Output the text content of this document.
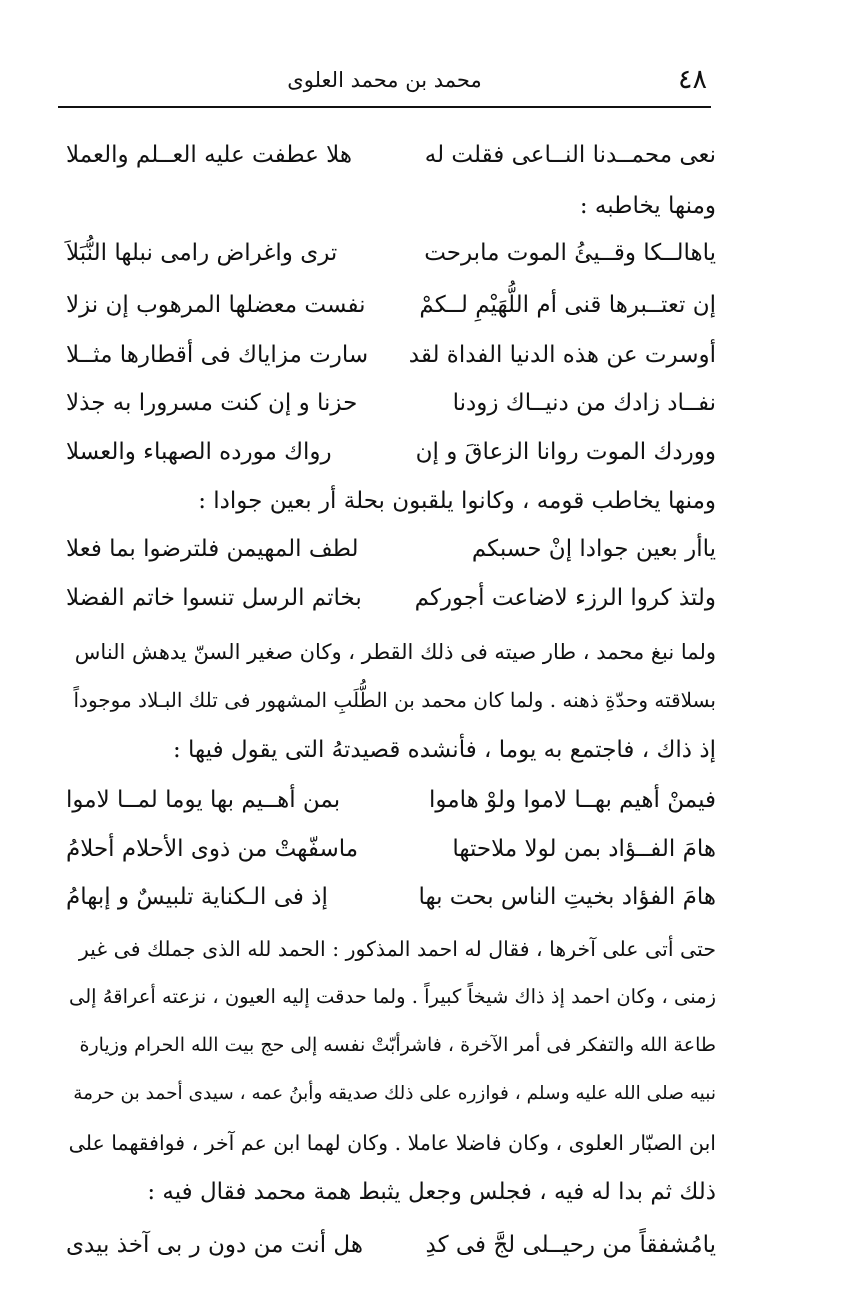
٤٨
محمد بن محمد العلوى
نعى محمــدنا النــاعى فقلت له
هلا عطفت عليه العــلم والعملا
ومنها يخاطبه :
ياهالــكا وقــيئُ الموت مابرحت
ترى واغراض رامى نبلها النُّبَلاَ
إن تعتــبرها قنى أم اللُّهَيْمِ لــكمْ
نفست معضلها المرهوب إن نزلا
أوسرت عن هذه الدنيا الفداة لقد
سارت مزاياك فى أقطارها مثــلا
نفــاد زادك من دنيــاك زودنا
حزنا و إن كنت مسرورا به جذلا
ووردك الموت روانا الزعاقَ و إن
رواك مورده الصهباء والعسلا
ومنها يخاطب قومه ، وكانوا يلقبون بحلة أر بعين جوادا :
ياأر بعين جوادا إنْ حسبكم
لطف المهيمن فلترضوا بما فعلا
ولتذ كروا الرزء لاضاعت أجوركم
بخاتم الرسل تنسوا خاتم الفضلا
ولما نبغ محمد ، طار صيته فى ذلك القطر ، وكان صغير السنّ يدهش الناس
بسلاقته وحدّةِ ذهنه . ولما كان محمد بن الطُّلَبِ المشهور فى تلك البـلاد موجوداً
إذ ذاك ، فاجتمع به يوما ، فأنشده قصيدتهُ التى يقول فيها :
فيمنْ أهيم بهــا لاموا ولوْ هاموا
بمن أهــيم بها يوما لمــا لاموا
هامَ الفــؤاد بمن لولا ملاحتها
ماسفّهتْ من ذوى الأحلام أحلامُ
هامَ الفؤاد بخيتِ الناس بحت بها
إذ فى الـكناية تلبيسٌ و إبهامُ
حتى أتى على آخرها ، فقال له احمد المذكور : الحمد لله الذى جملك فى غير
زمنى ، وكان احمد إذ ذاك شيخاً كبيراً . ولما حدقت إليه العيون ، نزعته أعراقهُ إلى
طاعة الله والتفكر فى أمر الآخرة ، فاشرأبّتْ نفسه إلى حج بيت الله الحرام وزيارة
نبيه صلى الله عليه وسلم ، فوازره على ذلك صديقه وأبنُ عمه ، سيدى أحمد بن حرمة
ابن الصبّار العلوى ، وكان فاضلا عاملا . وكان لهما ابن عم آخر ، فوافقهما على
ذلك ثم بدا له فيه ، فجلس وجعل يثبط همة محمد فقال فيه :
يامُشفقاً من رحيــلى لجَّ فى كدِ
هل أنت من دون ر بى آخذ بيدى
